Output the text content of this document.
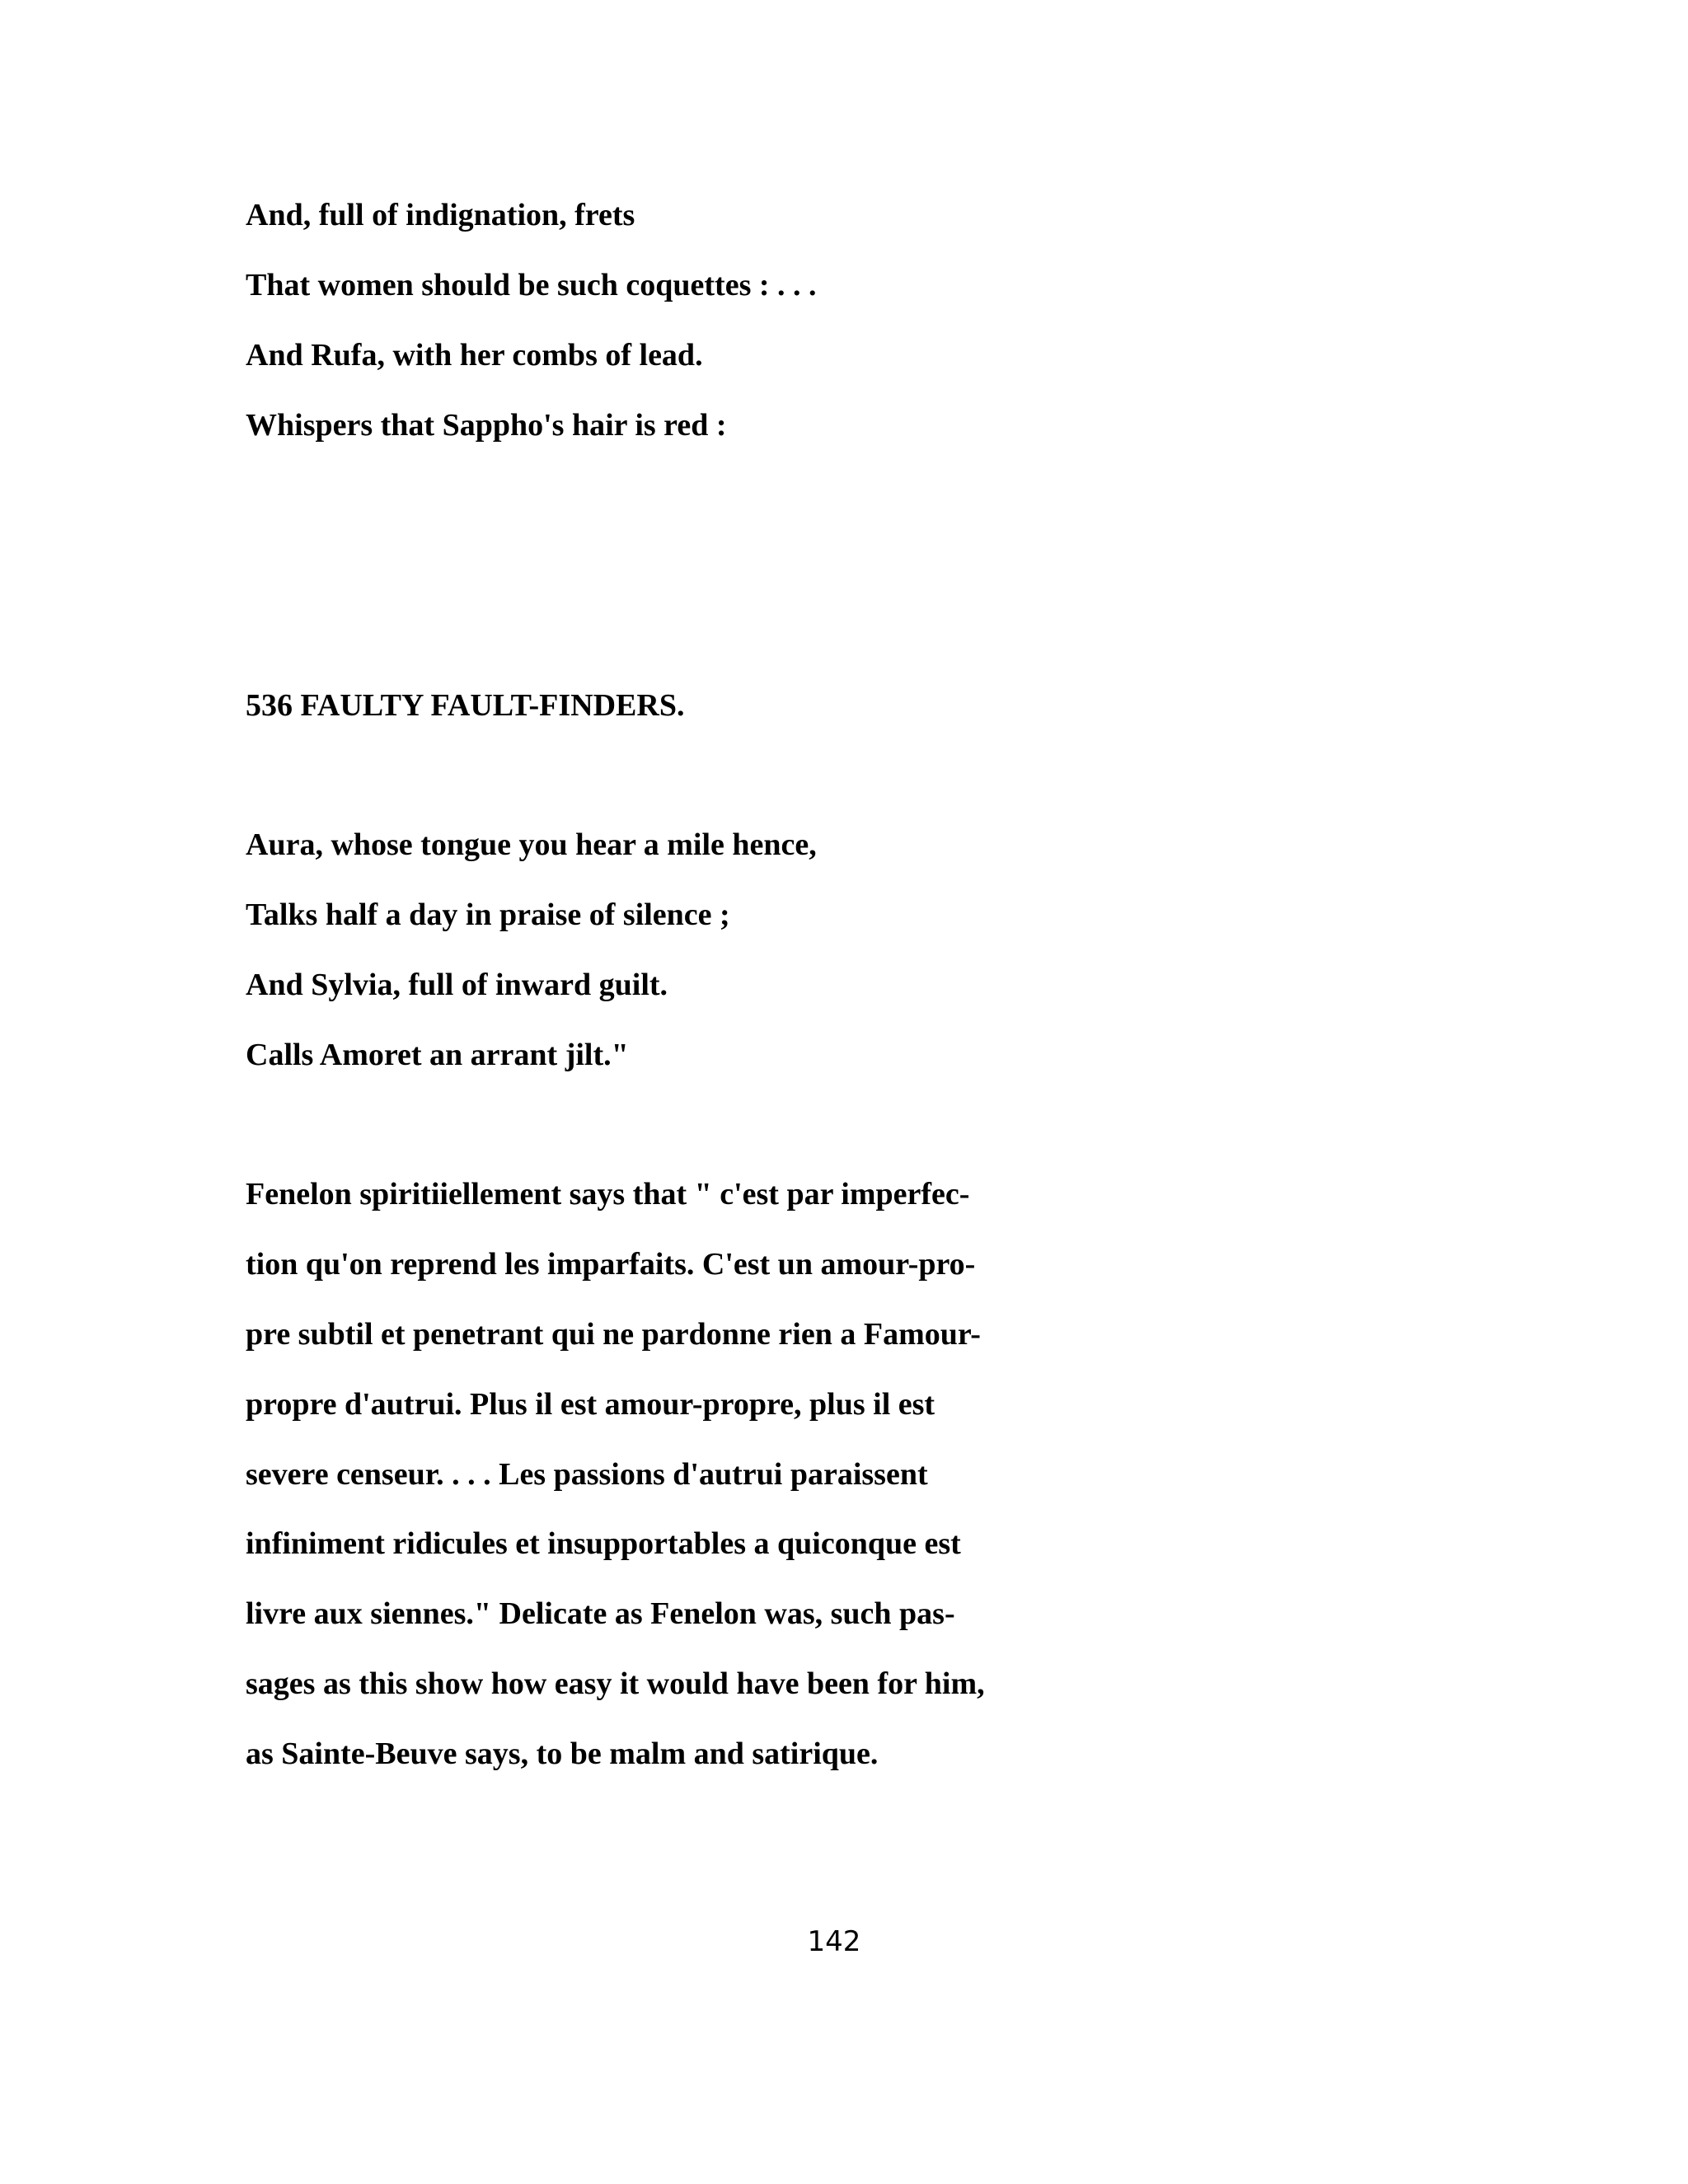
And, full of indignation, frets

That women should be such coquettes : . . .

And Rufa, with her combs of lead.

Whispers that Sappho's hair is red :

536 FAULTY FAULT-FINDERS.

Aura, whose tongue you hear a mile hence,

Talks half a day in praise of silence ;

And Sylvia, full of inward guilt.

Calls Amoret an arrant jilt."

Fenelon spiritiiellement says that " c'est par imperfec-

tion qu'on reprend les imparfaits. C'est un amour-pro-

pre subtil et penetrant qui ne pardonne rien a Famour-

propre d'autrui. Plus il est amour-propre, plus il est

severe censeur. . . . Les passions d'autrui paraissent

infiniment ridicules et insupportables a quiconque est

livre aux siennes." Delicate as Fenelon was, such pas-

sages as this show how easy it would have been for him,

as Sainte-Beuve says, to be malm and satirique.

142
